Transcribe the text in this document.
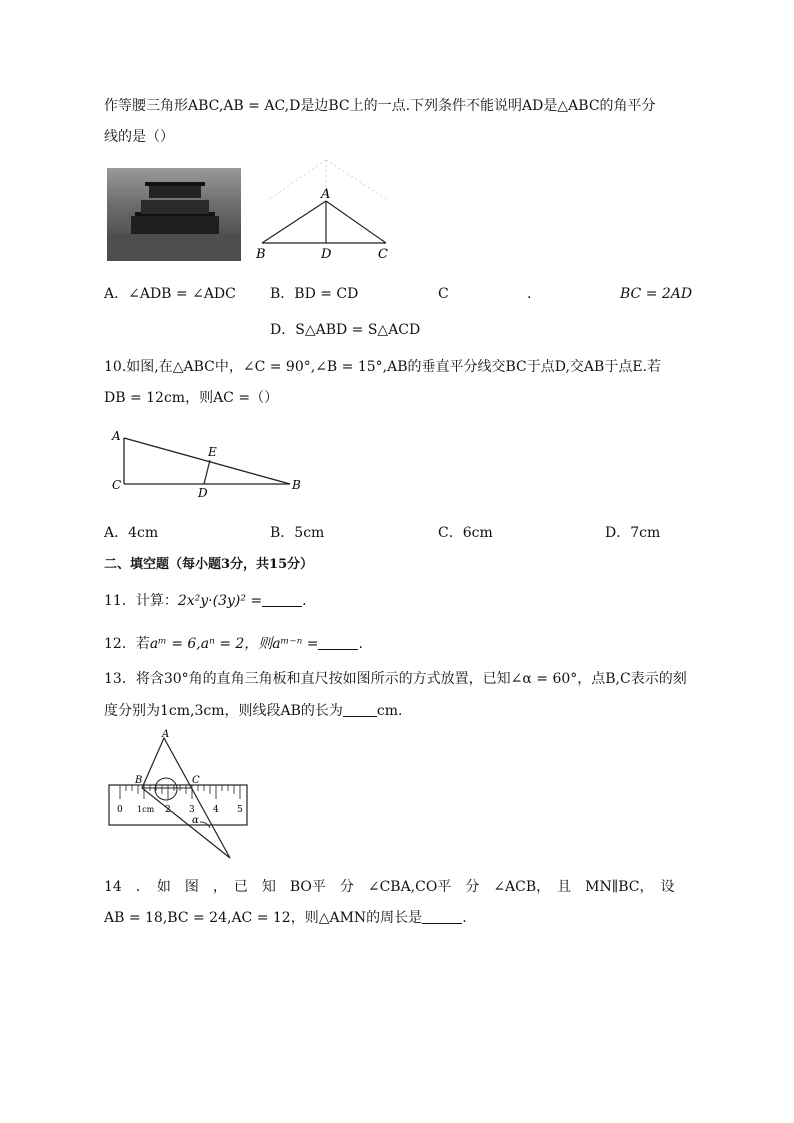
作等腰三角形ABC,AB = AC,D是边BC上的一点.下列条件不能说明AD是△ABC的角平分
线的是（）
A
B	D	C
A．∠ADB = ∠ADC B．BD = CD	C	.	BC = 2AD
D．S△ABD = S△ACD
10.如图,在△ABC中，∠C = 90°,∠B = 15°,AB的垂直平分线交BC于点D,交AB于点E.若
DB = 12cm，则AC =（）
A
E
C
D
B
A．4cm	B．5cm	C．6cm	D．7cm
二、填空题（每小题3分，共15分）
11．计算：2x²y·(3y)² =	.
12．若aᵐ = 6,aⁿ = 2，则aᵐ⁻ⁿ =	.
13．将含30°角的直角三角板和直尺按如图所示的方式放置，已知∠α = 60°，点B,C表示的刻
度分别为1cm,3cm，则线段AB的长为 cm．
A
B	C
α
0 1cm 2 3 4 5
14　．　如　图　，　已　知　BO平　分　∠CBA,CO平　分　∠ACB，　且　MN∥BC，　设
AB = 18,BC = 24,AC = 12，则△AMN的周长是	.
